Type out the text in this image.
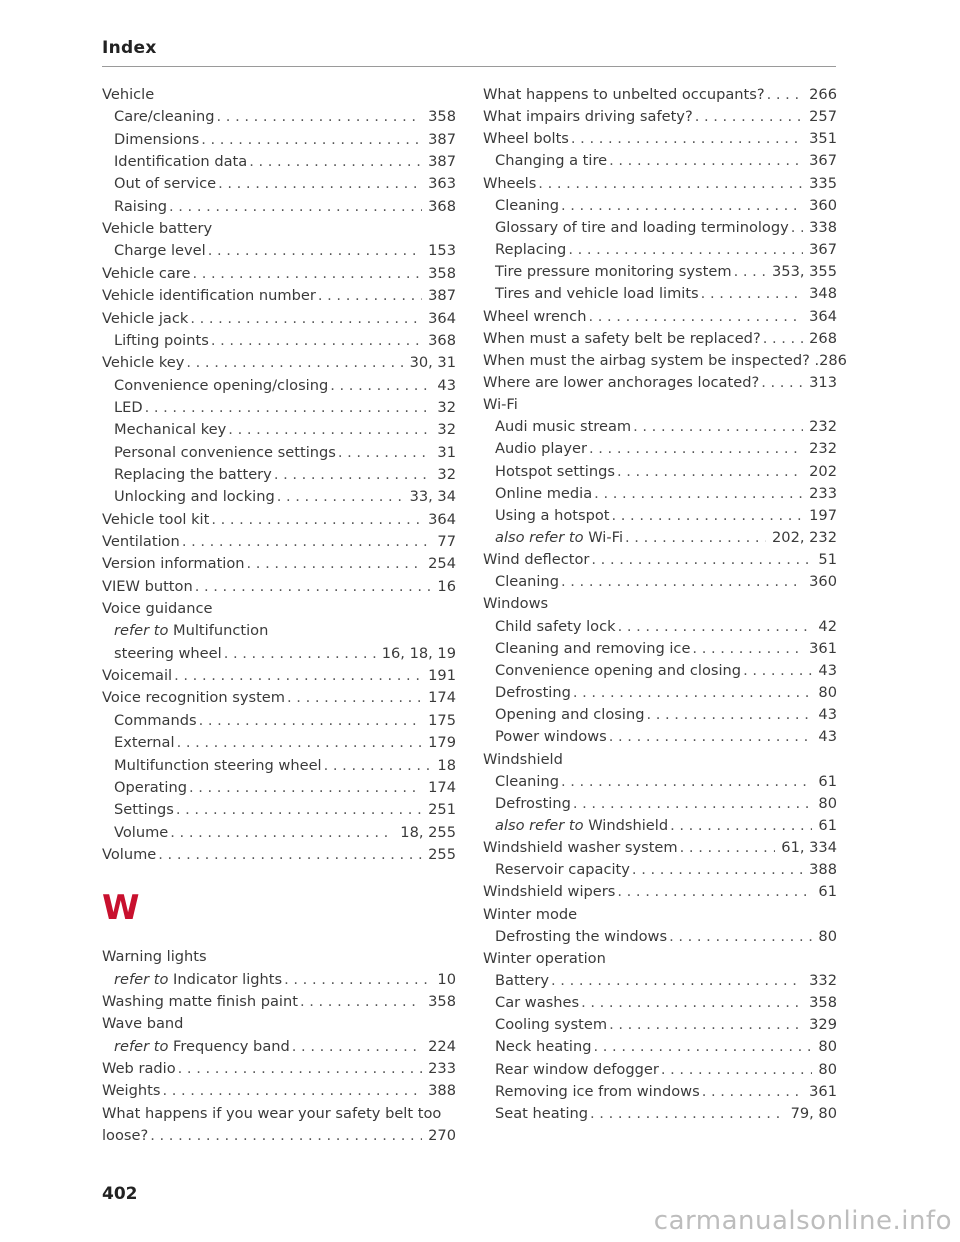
Index
Vehicle
Care/cleaning . . .	358
Dimensions . . .	387
Identification data . . .	387
Out of service . . .	363
Raising . . .	368
Vehicle battery
Charge level . . .	153
Vehicle care . . .	358
Vehicle identification number . . .	387
Vehicle jack . . .	364
Lifting points . . .	368
Vehicle key . . .	30, 31
Convenience opening/closing . . .	43
LED . . .	32
Mechanical key . . .	32
Personal convenience settings . . .	31
Replacing the battery . . .	32
Unlocking and locking . . .	33, 34
Vehicle tool kit . . .	364
Ventilation . . .	77
Version information . . .	254
VIEW button . . .	16
Voice guidance
refer to Multifunction
steering wheel . . .	16, 18, 19
Voicemail . . .	191
Voice recognition system . . .	174
Commands . . .	175
External . . .	179
Multifunction steering wheel . . .	18
Operating . . .	174
Settings . . .	251
Volume . . .	18, 255
Volume . . .	255
W
Warning lights
refer to Indicator lights . . .	10
Washing matte finish paint . . .	358
Wave band
refer to Frequency band . . .	224
Web radio . . .	233
Weights . . .	388
What happens if you wear your safety belt too
loose? . . .	270
What happens to unbelted occupants? . . .	266
What impairs driving safety? . . .	257
Wheel bolts . . .	351
Changing a tire . . .	367
Wheels . . .	335
Cleaning . . .	360
Glossary of tire and loading terminology . . . 338
Replacing . . .	367
Tire pressure monitoring system . . .	353, 355
Tires and vehicle load limits . . .	348
Wheel wrench . . .	364
When must a safety belt be replaced? . . .	268
When must the airbag system be inspected? .286
Where are lower anchorages located? . . .	313
Wi-Fi
Audi music stream . . .	232
Audio player . . .	232
Hotspot settings . . .	202
Online media . . .	233
Using a hotspot . . .	197
also refer to Wi-Fi . . .	202, 232
Wind deflector . . .	51
Cleaning . . .	360
Windows
Child safety lock . . .	42
Cleaning and removing ice . . .	361
Convenience opening and closing . . .	43
Defrosting . . .	80
Opening and closing . . .	43
Power windows . . .	43
Windshield
Cleaning . . .	61
Defrosting . . .	80
also refer to Windshield . . .	61
Windshield washer system . . .	61, 334
Reservoir capacity . . .	388
Windshield wipers . . .	61
Winter mode
Defrosting the windows . . .	80
Winter operation
Battery . . .	332
Car washes . . .	358
Cooling system . . .	329
Neck heating . . .	80
Rear window defogger . . .	80
Removing ice from windows . . .	361
Seat heating . . .	79, 80
402
carmanualsonline.info
